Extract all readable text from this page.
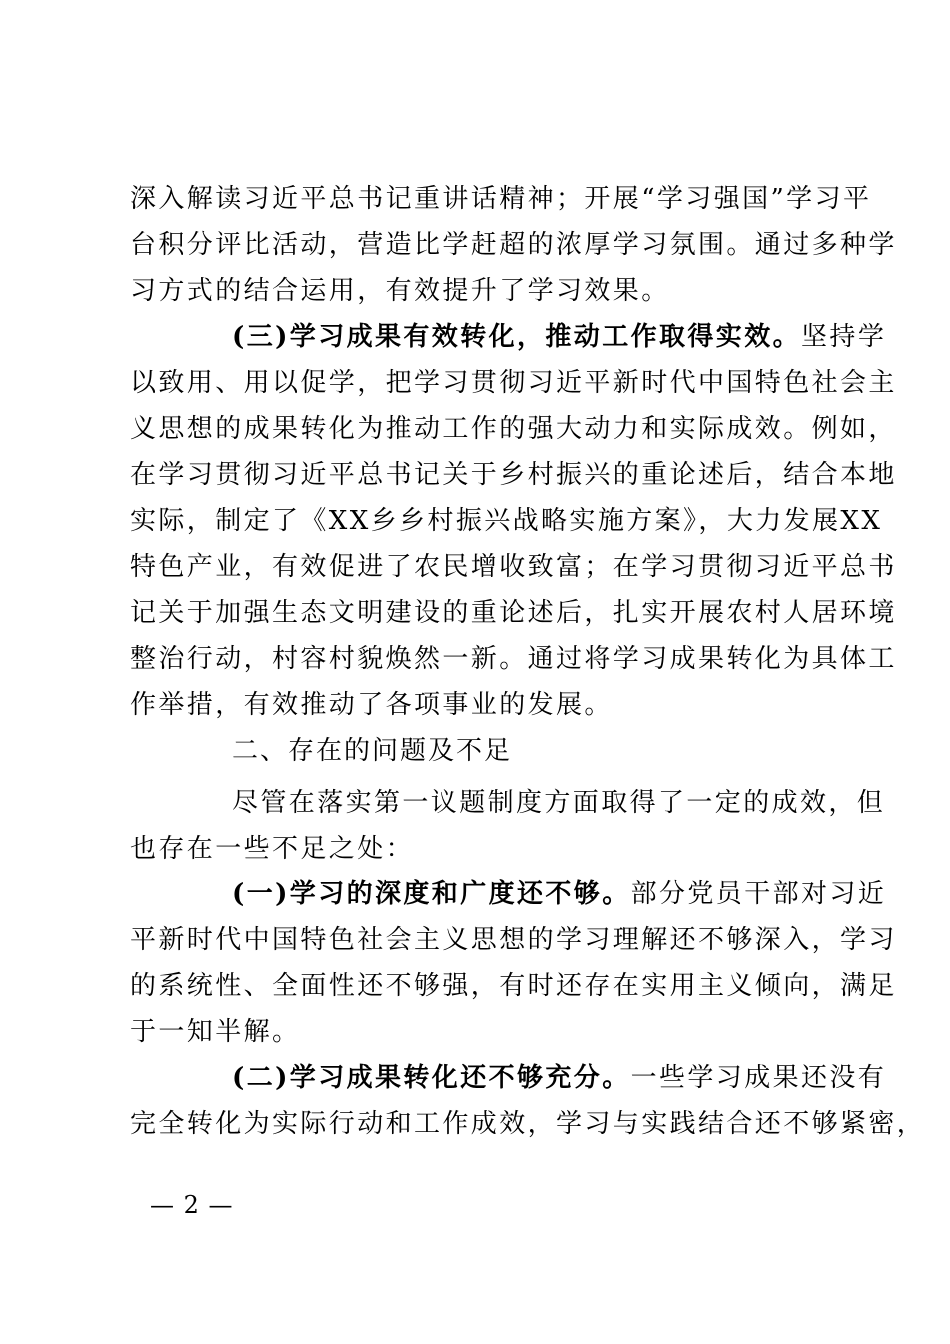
深入解读习近平总书记重讲话精神；开展“学习强国”学习平
台积分评比活动，营造比学赶超的浓厚学习氛围。通过多种学
习方式的结合运用，有效提升了学习效果。
(三)学习成果有效转化，推动工作取得实效。坚持学
以致用、用以促学，把学习贯彻习近平新时代中国特色社会主
义思想的成果转化为推动工作的强大动力和实际成效。例如，
在学习贯彻习近平总书记关于乡村振兴的重论述后，结合本地
实际，制定了《XX乡乡村振兴战略实施方案》，大力发展XX
特色产业，有效促进了农民增收致富；在学习贯彻习近平总书
记关于加强生态文明建设的重论述后，扎实开展农村人居环境
整治行动，村容村貌焕然一新。通过将学习成果转化为具体工
作举措，有效推动了各项事业的发展。
二、存在的问题及不足
尽管在落实第一议题制度方面取得了一定的成效，但
也存在一些不足之处：
(一)学习的深度和广度还不够。部分党员干部对习近
平新时代中国特色社会主义思想的学习理解还不够深入，学习
的系统性、全面性还不够强，有时还存在实用主义倾向，满足
于一知半解。
(二)学习成果转化还不够充分。一些学习成果还没有
完全转化为实际行动和工作成效，学习与实践结合还不够紧密，
— 2 —
